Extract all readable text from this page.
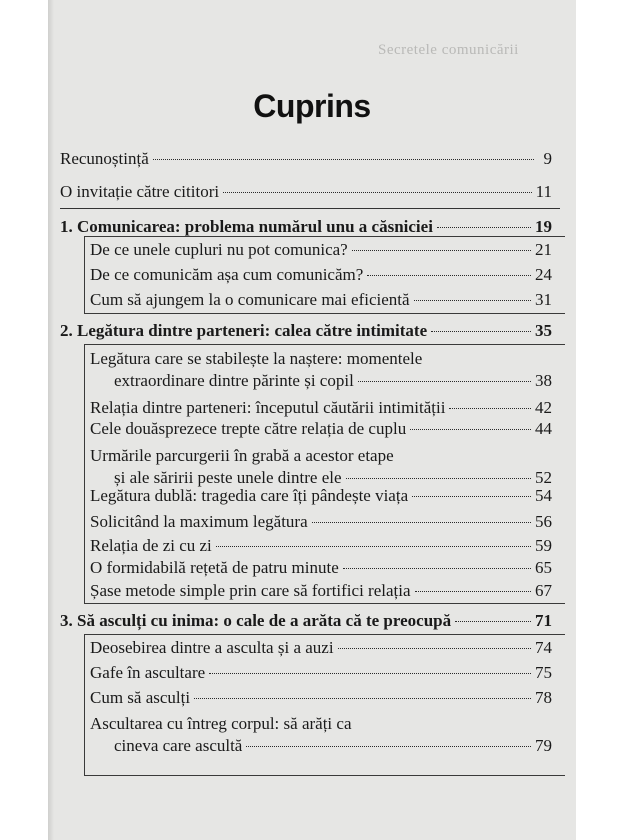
Secretele comunicării
Cuprins
Recunoștință	9
O invitație către cititori	11
1. Comunicarea: problema numărul unu a căsniciei	19
De ce unele cupluri nu pot comunica?	21
De ce comunicăm așa cum comunicăm?	24
Cum să ajungem la o comunicare mai eficientă	31
2. Legătura dintre parteneri: calea către intimitate	35
Legătura care se stabilește la naștere: momentele
extraordinare dintre părinte și copil	38
Relația dintre parteneri: începutul căutării intimității	42
Cele douăsprezece trepte către relația de cuplu	44
Urmările parcurgerii în grabă a acestor etape
și ale săririi peste unele dintre ele	52
Legătura dublă: tragedia care îți pândește viața	54
Solicitând la maximum legătura	56
Relația de zi cu zi	59
O formidabilă rețetă de patru minute	65
Șase metode simple prin care să fortifici relația	67
3. Să asculți cu inima: o cale de a arăta că te preocupă	71
Deosebirea dintre a asculta și a auzi	74
Gafe în ascultare	75
Cum să asculți	78
Ascultarea cu întreg corpul: să arăți ca
cineva care ascultă	79
